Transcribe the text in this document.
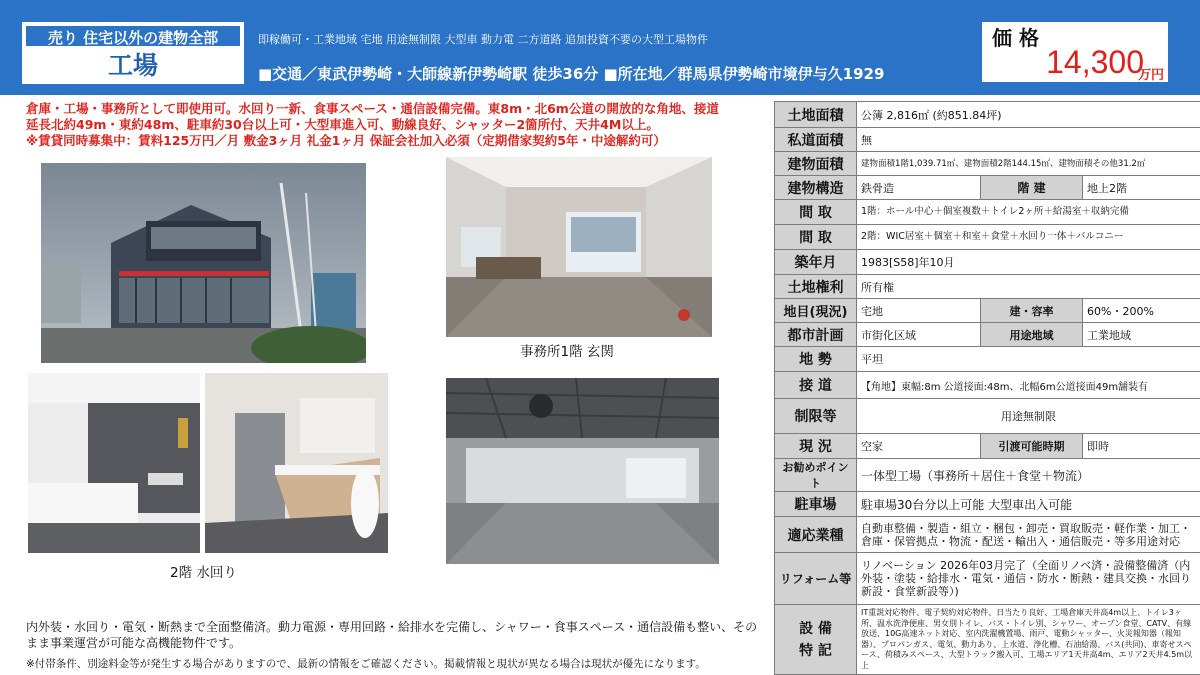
売り 住宅以外の建物全部
工場
即稼働可・工業地域 宅地 用途無制限 大型車 動力電 二方道路 追加投資不要の大型工場物件
■交通／東武伊勢崎・大師線新伊勢崎駅 徒歩36分 ■所在地／群馬県伊勢崎市境伊与久1929
価 格
14,300
万円
倉庫・工場・事務所として即使用可。水回り一新、食事スペース・通信設備完備。東8m・北6m公道の開放的な角地、接道
延長北約49m・東約48m、駐車約30台以上可・大型車進入可、動線良好、シャッター2箇所付、天井4M以上。
※賃貸同時募集中：賃料125万円／月 敷金3ヶ月 礼金1ヶ月 保証会社加入必須（定期借家契約5年・中途解約可）
事務所1階 玄関
2階 水回り
内外装・水回り・電気・断熱まで全面整備済。動力電源・専用回路・給排水を完備し、シャワー・食事スペース・通信設備も整い、そのまま事業運営が可能な高機能物件です。
※付帯条件、別途料金等が発生する場合がありますので、最新の情報をご確認ください。掲載情報と現状が異なる場合は現状が優先になります。
土地面積	公簿 2,816㎡ (約851.84坪)		
私道面積	無		
建物面積	建物面積1階1,039.71㎡、建物面積2階144.15㎡、建物面積その他31.2㎡		
建物構造	鉄骨造	階 建	地上2階
間 取	1階：ホール中心＋個室複数＋トイレ2ヶ所＋給湯室＋収納完備		
間 取	2階：WIC居室＋個室＋和室＋食堂＋水回り一体＋バルコニー		
築年月	1983[S58]年10月		
土地権利	所有権		
地目(現況)	宅地	建・容率	60%・200%
都市計画	市街化区域	用途地域	工業地域
地 勢	平坦		
接 道	【角地】東幅:8m 公道接面:48m、北幅6m公道接面49m舗装有		
制限等	用途無制限		
現 況	空家	引渡可能時期	即時
お勧めポイント	一体型工場（事務所＋居住＋食堂＋物流）		
駐車場	駐車場30台分以上可能 大型車出入可能		
適応業種	自動車整備・製造・組立・梱包・卸売・買取販売・軽作業・加工・倉庫・保管拠点・物流・配送・輸出入・通信販売・等多用途対応		
リフォーム等	リノベーション 2026年03月完了（全面リノベ済・設備整備済（内外装・塗装・給排水・電気・通信・防水・断熱・建具交換・水回り新設・食堂新設等）)		
設 備
特 記	IT重説対応物件、電子契約対応物件、日当たり良好、工場倉庫天井高4m以上、トイレ3ヶ所、温水洗浄便座、男女別トイレ、バス・トイレ別、シャワー、オープン食堂、CATV、有線放送、10G高速ネット対応、室内洗濯機置場、雨戸、電動シャッター、火災報知器（報知器）、プロパンガス、電気、動力あり、上水道、浄化槽、石油給湯、バス(共同)、車寄せスペース、荷積みスペース、大型トラック搬入可、工場エリア1天井高4m、エリア2天井4.5m以上		
